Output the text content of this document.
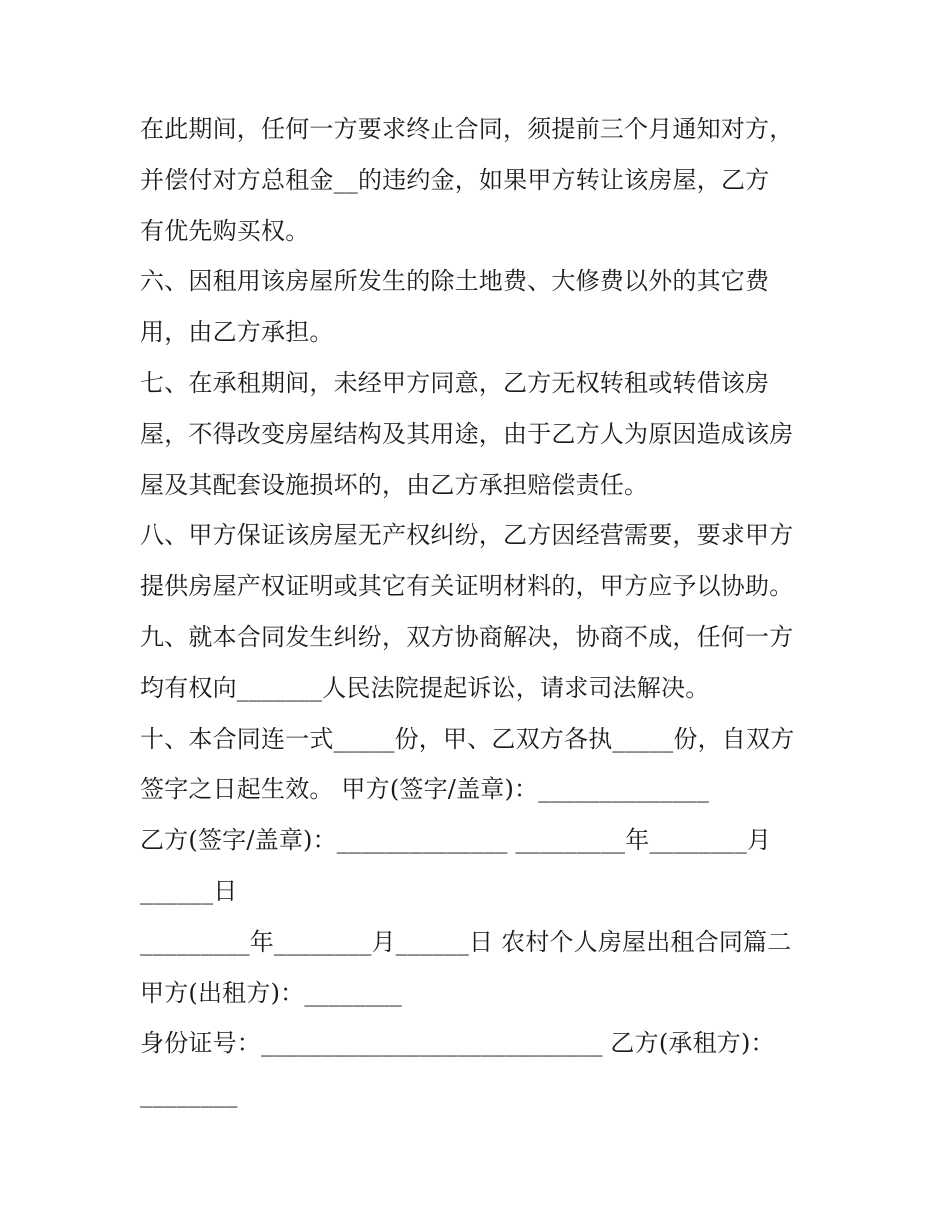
在此期间，任何一方要求终止合同，须提前三个月通知对方，
并偿付对方总租金__的违约金，如果甲方转让该房屋，乙方
有优先购买权。
六、因租用该房屋所发生的除土地费、大修费以外的其它费
用，由乙方承担。
七、在承租期间，未经甲方同意，乙方无权转租或转借该房
屋，不得改变房屋结构及其用途，由于乙方人为原因造成该房
屋及其配套设施损坏的，由乙方承担赔偿责任。
八、甲方保证该房屋无产权纠纷，乙方因经营需要，要求甲方
提供房屋产权证明或其它有关证明材料的，甲方应予以协助。
九、就本合同发生纠纷，双方协商解决，协商不成，任何一方
均有权向_______人民法院提起诉讼，请求司法解决。
十、本合同连一式_____份，甲、乙双方各执_____份，自双方
签字之日起生效。 甲方(签字/盖章)：______________
乙方(签字/盖章)：______________ _________年________月
______日
_________年________月______日 农村个人房屋出租合同篇二
甲方(出租方)：________
身份证号：____________________________ 乙方(承租方)：
________
